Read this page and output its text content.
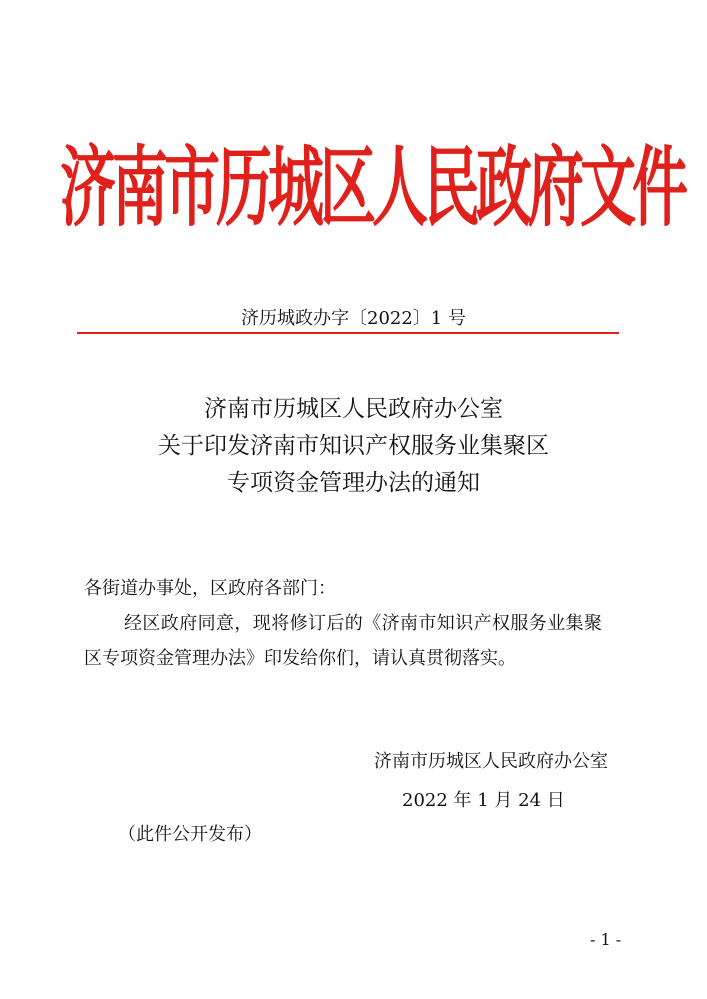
济南市历城区人民政府文件
济历城政办字〔2022〕1 号
济南市历城区人民政府办公室
关于印发济南市知识产权服务业集聚区
专项资金管理办法的通知
各街道办事处，区政府各部门：
经区政府同意，现将修订后的《济南市知识产权服务业集聚
区专项资金管理办法》印发给你们，请认真贯彻落实。
济南市历城区人民政府办公室
2022 年 1 月 24 日
（此件公开发布）
- 1 -
